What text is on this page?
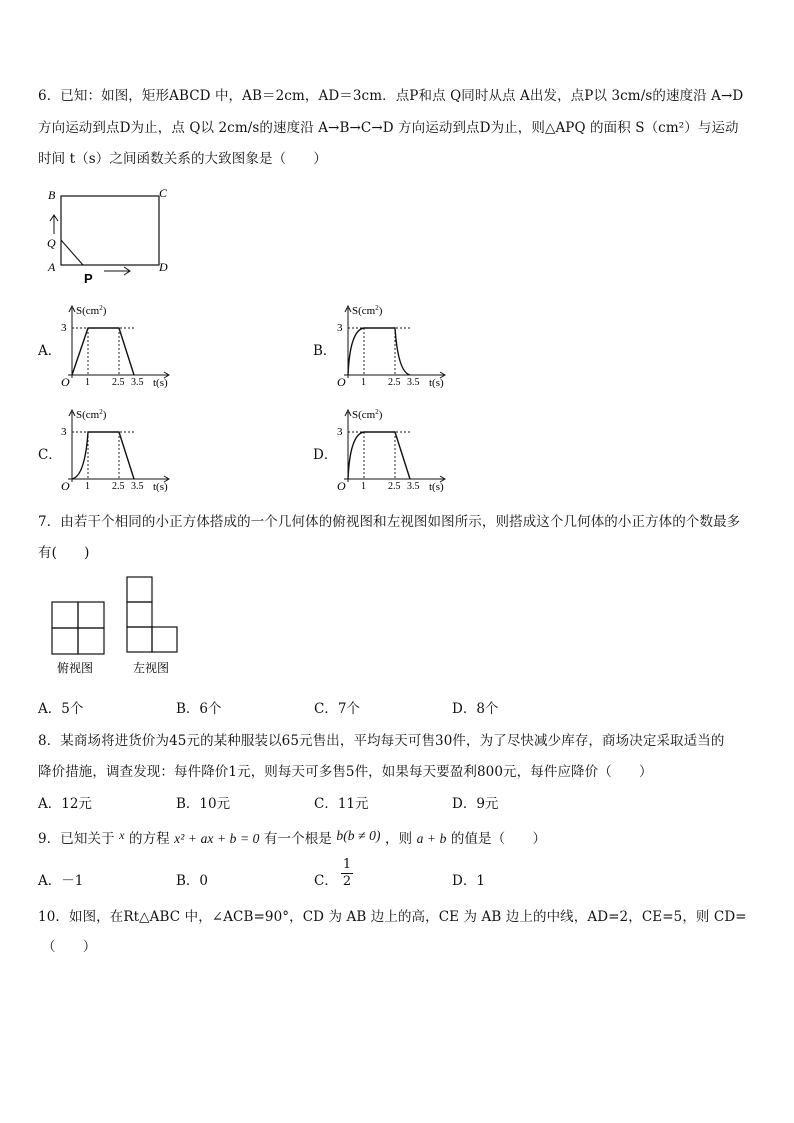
6．已知：如图，矩形ABCD 中，AB＝2cm，AD＝3cm．点P和点 Q同时从点 A出发，点P以 3cm/s的速度沿 A→D
方向运动到点D为止，点 Q以 2cm/s的速度沿 A→B→C→D 方向运动到点D为止，则△APQ 的面积 S（cm²）与运动
时间 t（s）之间函数关系的大致图象是（　　）
B	C
Q
A	D
P
A．
$S(cm^2)$
3
O 1 2.5 3.5 t(s)
B．
$S(cm^2)$
3
O 1 2.5 3.5 t(s)
C．
$S(cm^2)$
3
O 1 2.5 3.5 t(s)
D．
$S(cm^2)$
3
O 1 2.5 3.5 t(s)
7．由若干个相同的小正方体搭成的一个几何体的俯视图和左视图如图所示，则搭成这个几何体的小正方体的个数最多
有(　　)
俯视图	左视图
A．5个	B．6个	C．7个	D．8个
8．某商场将进货价为45元的某种服装以65元售出，平均每天可售30件，为了尽快减少库存，商场决定采取适当的
降价措施，调查发现：每件降价1元，则每天可多售5件，如果每天要盈利800元，每件应降价（　　）
A．12元	B．10元	C．11元	D．9元
9．已知关于 x 的方程 x² + ax + b = 0 有一个根是 b(b ≠ 0) ，则 a + b 的值是（　　）
A．－1	B．0	C．
1
2	D．1
10．如图，在Rt△ABC 中，∠ACB=90°，CD 为 AB 边上的高，CE 为 AB 边上的中线，AD=2，CE=5，则 CD=
（　　）
